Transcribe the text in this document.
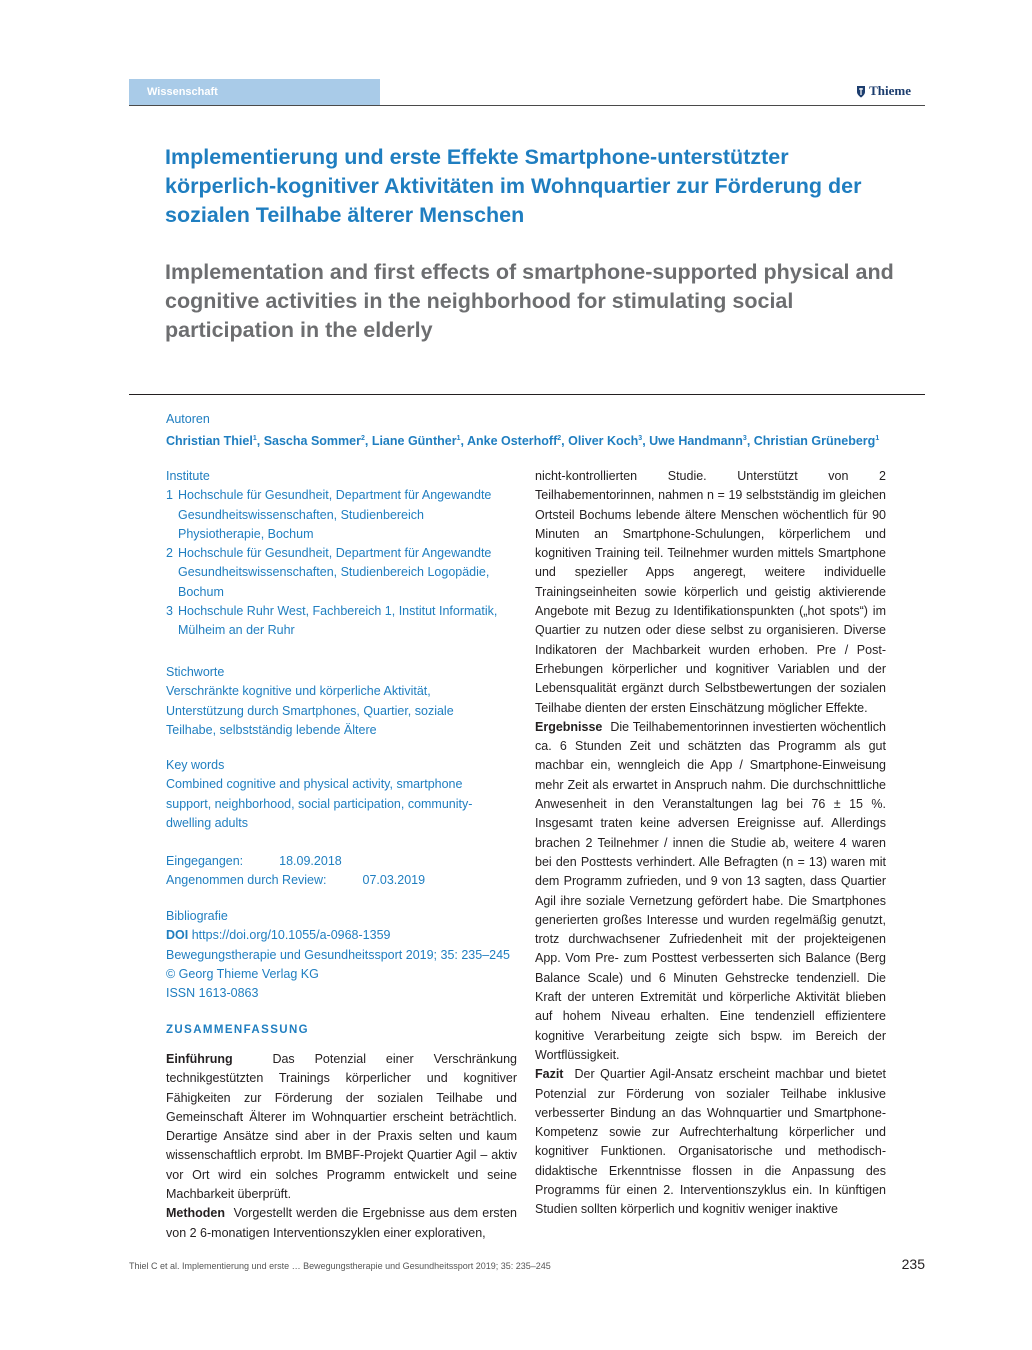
Wissenschaft	Thieme
Implementierung und erste Effekte Smartphone-unterstützter körperlich-kognitiver Aktivitäten im Wohnquartier zur Förderung der sozialen Teilhabe älterer Menschen
Implementation and first effects of smartphone-supported physical and cognitive activities in the neighborhood for stimulating social participation in the elderly
Autoren
Christian Thiel$^1$, Sascha Sommer$^2$, Liane Günther$^1$, Anke Osterhoff$^2$, Oliver Koch$^3$, Uwe Handmann$^3$, Christian Grüneberg$^1$
Institute
1 Hochschule für Gesundheit, Department für Angewandte Gesundheitswissenschaften, Studienbereich Physiotherapie, Bochum
2 Hochschule für Gesundheit, Department für Angewandte Gesundheitswissenschaften, Studienbereich Logopädie, Bochum
3 Hochschule Ruhr West, Fachbereich 1, Institut Informatik, Mülheim an der Ruhr
Stichworte
Verschränkte kognitive und körperliche Aktivität, Unterstützung durch Smartphones, Quartier, soziale Teilhabe, selbstständig lebende Ältere
Key words
Combined cognitive and physical activity, smartphone support, neighborhood, social participation, community-dwelling adults
Eingegangen:	18.09.2018
Angenommen durch Review:	07.03.2019
Bibliografie
DOI https://doi.org/10.1055/a-0968-1359
Bewegungstherapie und Gesundheitssport 2019; 35: 235–245
© Georg Thieme Verlag KG
ISSN 1613-0863
ZUSAMMENFASSUNG

Einführung	Das Potenzial einer Verschränkung technikgestützten Trainings körperlicher und kognitiver Fähigkeiten zur Förderung der sozialen Teilhabe und Gemeinschaft Älterer im Wohnquartier erscheint beträchtlich. Derartige Ansätze sind aber in der Praxis selten und kaum wissenschaftlich erprobt. Im BMBF-Projekt Quartier Agil – aktiv vor Ort wird ein solches Programm entwickelt und seine Machbarkeit überprüft.

Methoden Vorgestellt werden die Ergebnisse aus dem ersten von 2 6-monatigen Interventionszyklen einer explorativen,

nicht-kontrollierten Studie. Unterstützt von 2 Teilhabementorinnen, nahmen n = 19 selbstständig im gleichen Ortsteil Bochums lebende ältere Menschen wöchentlich für 90 Minuten an Smartphone-Schulungen, körperlichem und kognitiven Training teil. Teilnehmer wurden mittels Smartphone und spezieller Apps angeregt, weitere individuelle Trainingseinheiten sowie körperlich und geistig aktivierende Angebote mit Bezug zu Identifikationspunkten („hot spots“) im Quartier zu nutzen oder diese selbst zu organisieren. Diverse Indikatoren der Machbarkeit wurden erhoben. Pre / Post-Erhebungen körperlicher und kognitiver Variablen und der Lebensqualität ergänzt durch Selbstbewertungen der sozialen Teilhabe dienten der ersten Einschätzung möglicher Effekte.

Ergebnisse Die Teilhabementorinnen investierten wöchentlich ca. 6 Stunden Zeit und schätzten das Programm als gut machbar ein, wenngleich die App / Smartphone-Einweisung mehr Zeit als erwartet in Anspruch nahm. Die durchschnittliche Anwesenheit in den Veranstaltungen lag bei 76 ± 15 %. Insgesamt traten keine adversen Ereignisse auf. Allerdings brachen 2 Teilnehmer / innen die Studie ab, weitere 4 waren bei den Posttests verhindert. Alle Befragten (n = 13) waren mit dem Programm zufrieden, und 9 von 13 sagten, dass Quartier Agil ihre soziale Vernetzung gefördert habe. Die Smartphones generierten großes Interesse und wurden regelmäßig genutzt, trotz durchwachsener Zufriedenheit mit der projekteigenen App. Vom Pre- zum Posttest verbesserten sich Balance (Berg Balance Scale) und 6 Minuten Gehstrecke tendenziell. Die Kraft der unteren Extremität und körperliche Aktivität blieben auf hohem Niveau erhalten. Eine tendenziell effizientere kognitive Verarbeitung zeigte sich bspw. im Bereich der Wortflüssigkeit.

Fazit Der Quartier Agil-Ansatz erscheint machbar und bietet Potenzial zur Förderung von sozialer Teilhabe inklusive verbesserter Bindung an das Wohnquartier und Smartphone-Kompetenz sowie zur Aufrechterhaltung körperlicher und kognitiver Funktionen. Organisatorische und methodisch-didaktische Erkenntnisse flossen in die Anpassung des Programms für einen 2. Interventionszyklus ein. In künftigen Studien sollten körperlich und kognitiv weniger inaktive

Thiel C et al. Implementierung und erste … Bewegungstherapie und Gesundheitssport 2019; 35: 235–245	235
